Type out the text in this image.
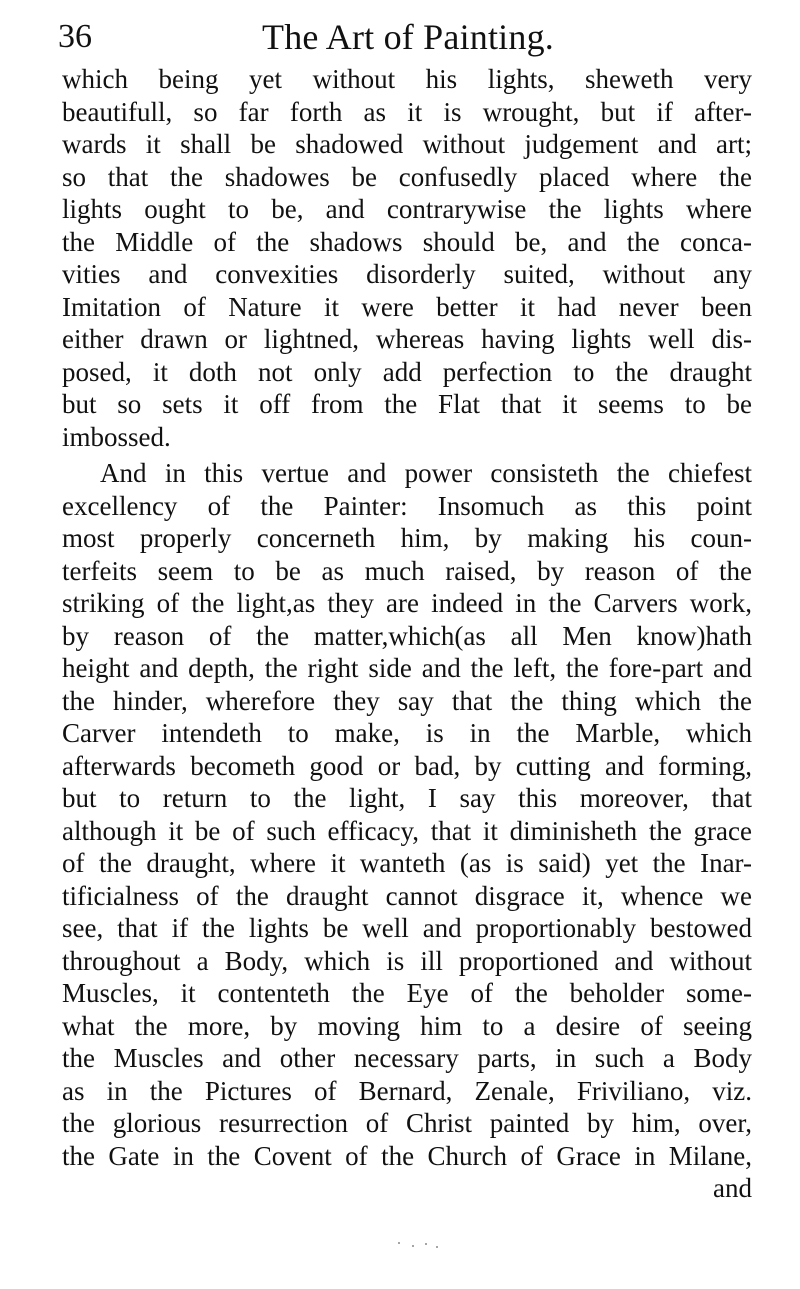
36	The Art of Painting.
which being yet without his lights, sheweth very
beautifull, so far forth as it is wrought, but if after-
wards it shall be shadowed without judgement and art;
so that the shadowes be confusedly placed where the
lights ought to be, and contrarywise the lights where
the Middle of the shadows should be, and the conca-
vities and convexities disorderly suited, without any
Imitation of Nature it were better it had never been
either drawn or lightned, whereas having lights well dis-
posed, it doth not only add perfection to the draught
but so sets it off from the Flat that it seems to be
imbossed.
And in this vertue and power consisteth the chiefest
excellency of the Painter: Insomuch as this point
most properly concerneth him, by making his coun-
terfeits seem to be as much raised, by reason of the
striking of the light,as they are indeed in the Carvers work,
by reason of the matter,which(as all Men know)hath
height and depth, the right side and the left, the fore-part and
the hinder, wherefore they say that the thing which the
Carver intendeth to make, is in the Marble, which
afterwards becometh good or bad, by cutting and forming,
but to return to the light, I say this moreover, that
although it be of such efficacy, that it diminisheth the grace
of the draught, where it wanteth (as is said) yet the Inar-
tificialness of the draught cannot disgrace it, whence we
see, that if the lights be well and proportionably bestowed
throughout a Body, which is ill proportioned and without
Muscles, it contenteth the Eye of the beholder some-
what the more, by moving him to a desire of seeing
the Muscles and other necessary parts, in such a Body
as in the Pictures of Bernard, Zenale, Friviliano, viz.
the glorious resurrection of Christ painted by him, over,
the Gate in the Covent of the Church of Grace in Milane,
and
